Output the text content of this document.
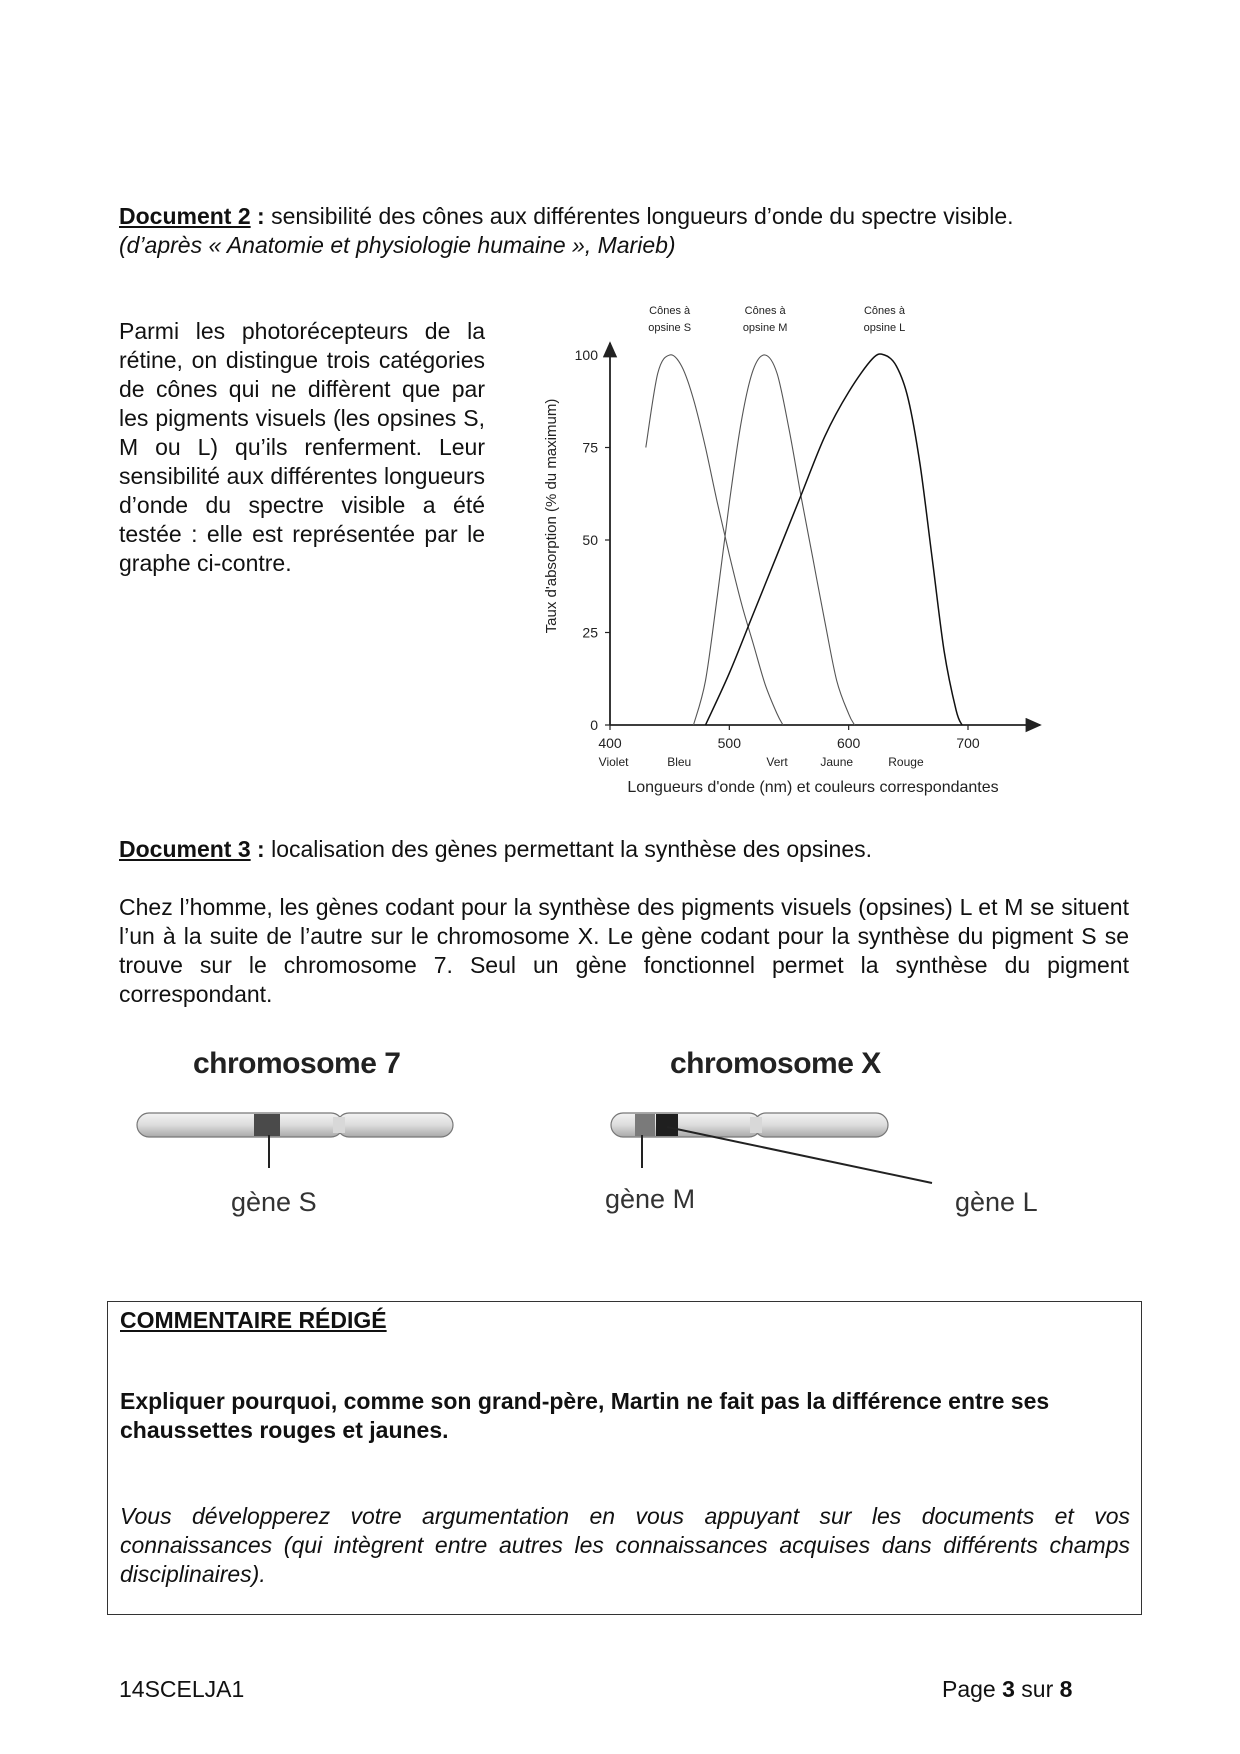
Document 2 : sensibilité des cônes aux différentes longueurs d’onde du spectre visible.
(d’après « Anatomie et physiologie humaine », Marieb)
Parmi les photorécepteurs de la rétine, on distingue trois catégories de cônes qui ne diffèrent que par les pigments visuels (les opsines S, M ou L) qu’ils renferment. Leur sensibilité aux différentes longueurs d’onde du spectre visible a été testée : elle est représentée par le graphe ci-contre.
0
25
50
75
100
400	500	600	700
Violet	Bleu	Vert	Jaune	Rouge
Cônes à
opsine S
Cônes à
opsine M
Cônes à
opsine L
Taux d'absorption (% du maximum)
Longueurs d'onde (nm) et couleurs correspondantes
Document 3 : localisation des gènes permettant la synthèse des opsines.
Chez l’homme, les gènes codant pour la synthèse des pigments visuels (opsines) L et M se situent l’un à la suite de l’autre sur le chromosome X. Le gène codant pour la synthèse du pigment S se trouve sur le chromosome 7. Seul un gène fonctionnel permet la synthèse du pigment correspondant.
chromosome 7	chromosome X
gène S	gène M	gène L
COMMENTAIRE RÉDIGÉ
Expliquer pourquoi, comme son grand-père, Martin ne fait pas la différence entre ses chaussettes rouges et jaunes.
Vous développerez votre argumentation en vous appuyant sur les documents et vos connaissances (qui intègrent entre autres les connaissances acquises dans différents champs disciplinaires).
14SCELJA1	Page 3 sur 8
